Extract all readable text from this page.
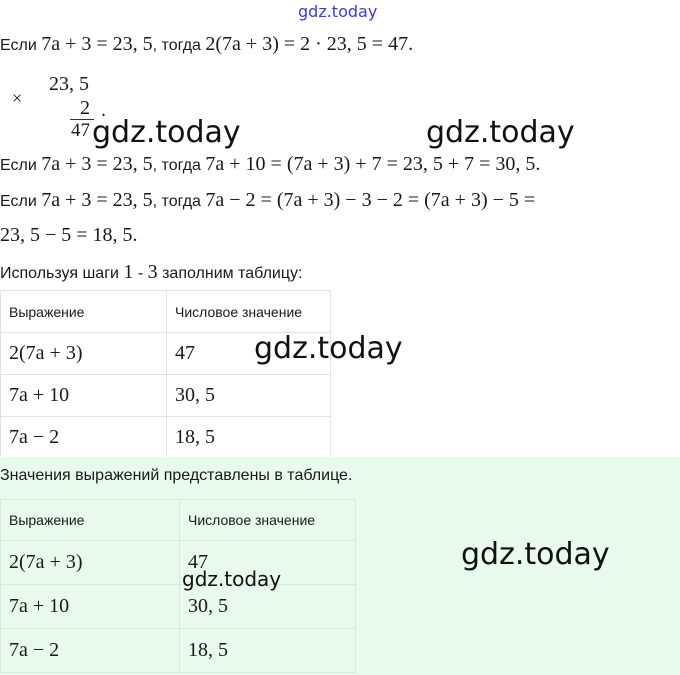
gdz.today
Если 7a + 3 = 23, 5, тогда 2(7a + 3) = 2 · 23, 5 = 47.
×
23, 5
2
47
.
gdz.today	gdz.today
Если 7a + 3 = 23, 5, тогда 7a + 10 = (7a + 3) + 7 = 23, 5 + 7 = 30, 5.
Если 7a + 3 = 23, 5, тогда 7a − 2 = (7a + 3) − 3 − 2 = (7a + 3) − 5 =
23, 5 − 5 = 18, 5.
Используя шаги 1 - 3 заполним таблицу:
Выражение	Числовое значение
2(7a + 3)	47
7a + 10	30, 5
7a − 2	18, 5
gdz.today
Значения выражений представлены в таблице.
Выражение	Числовое значение
2(7a + 3)	47
7a + 10	30, 5
7a − 2	18, 5
gdz.today
gdz.today
